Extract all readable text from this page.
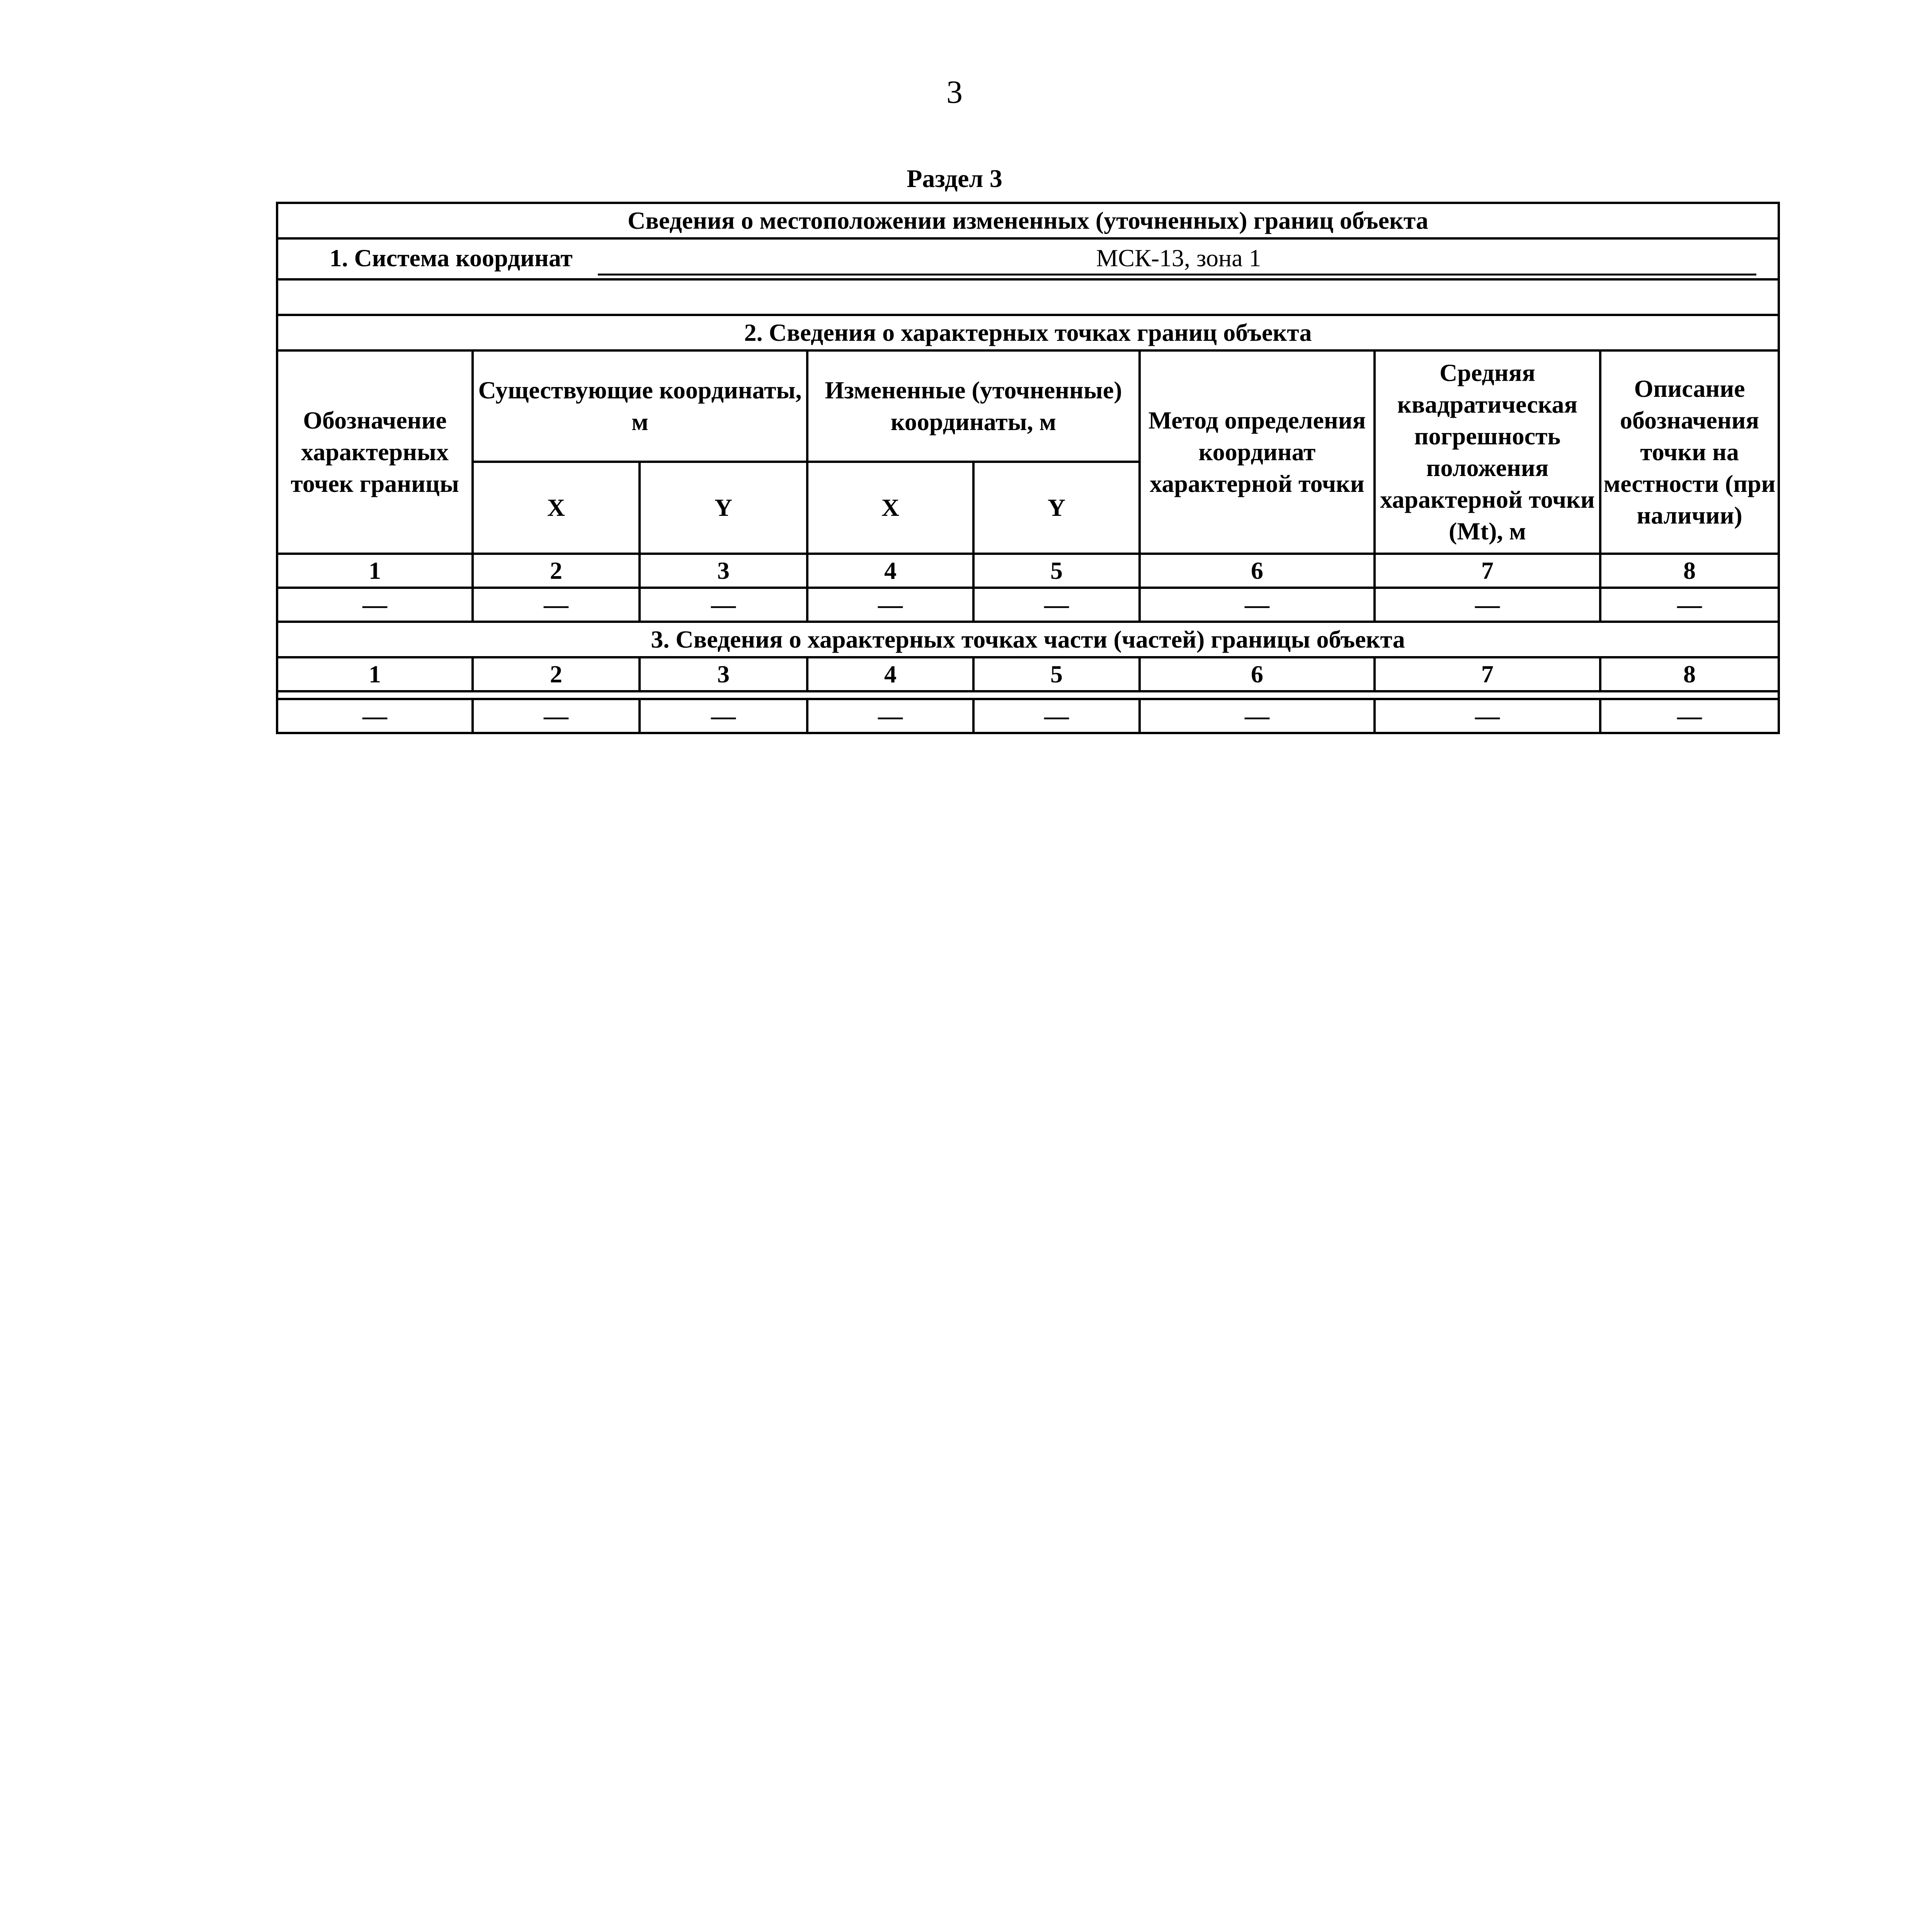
3
Раздел 3
Сведения о местоположении измененных (уточненных) границ объекта							
1. Система координат МСК-13, зона 1							

2. Сведения о характерных точках границ объекта							
Обозначение характерных точек границы	Существующие координаты, м		Измененные (уточненные) координаты, м		Метод определения координат характерной точки	Средняя квадратическая погрешность положения характерной точки (Mt), м	Описание обозначения точки на местности (при наличии)
	X	Y	X	Y			
1	2	3	4	5	6	7	8
—	—	—	—	—	—	—	—
3. Сведения о характерных точках части (частей) границы объекта							
1	2	3	4	5	6	7	8

—	—	—	—	—	—	—	—
